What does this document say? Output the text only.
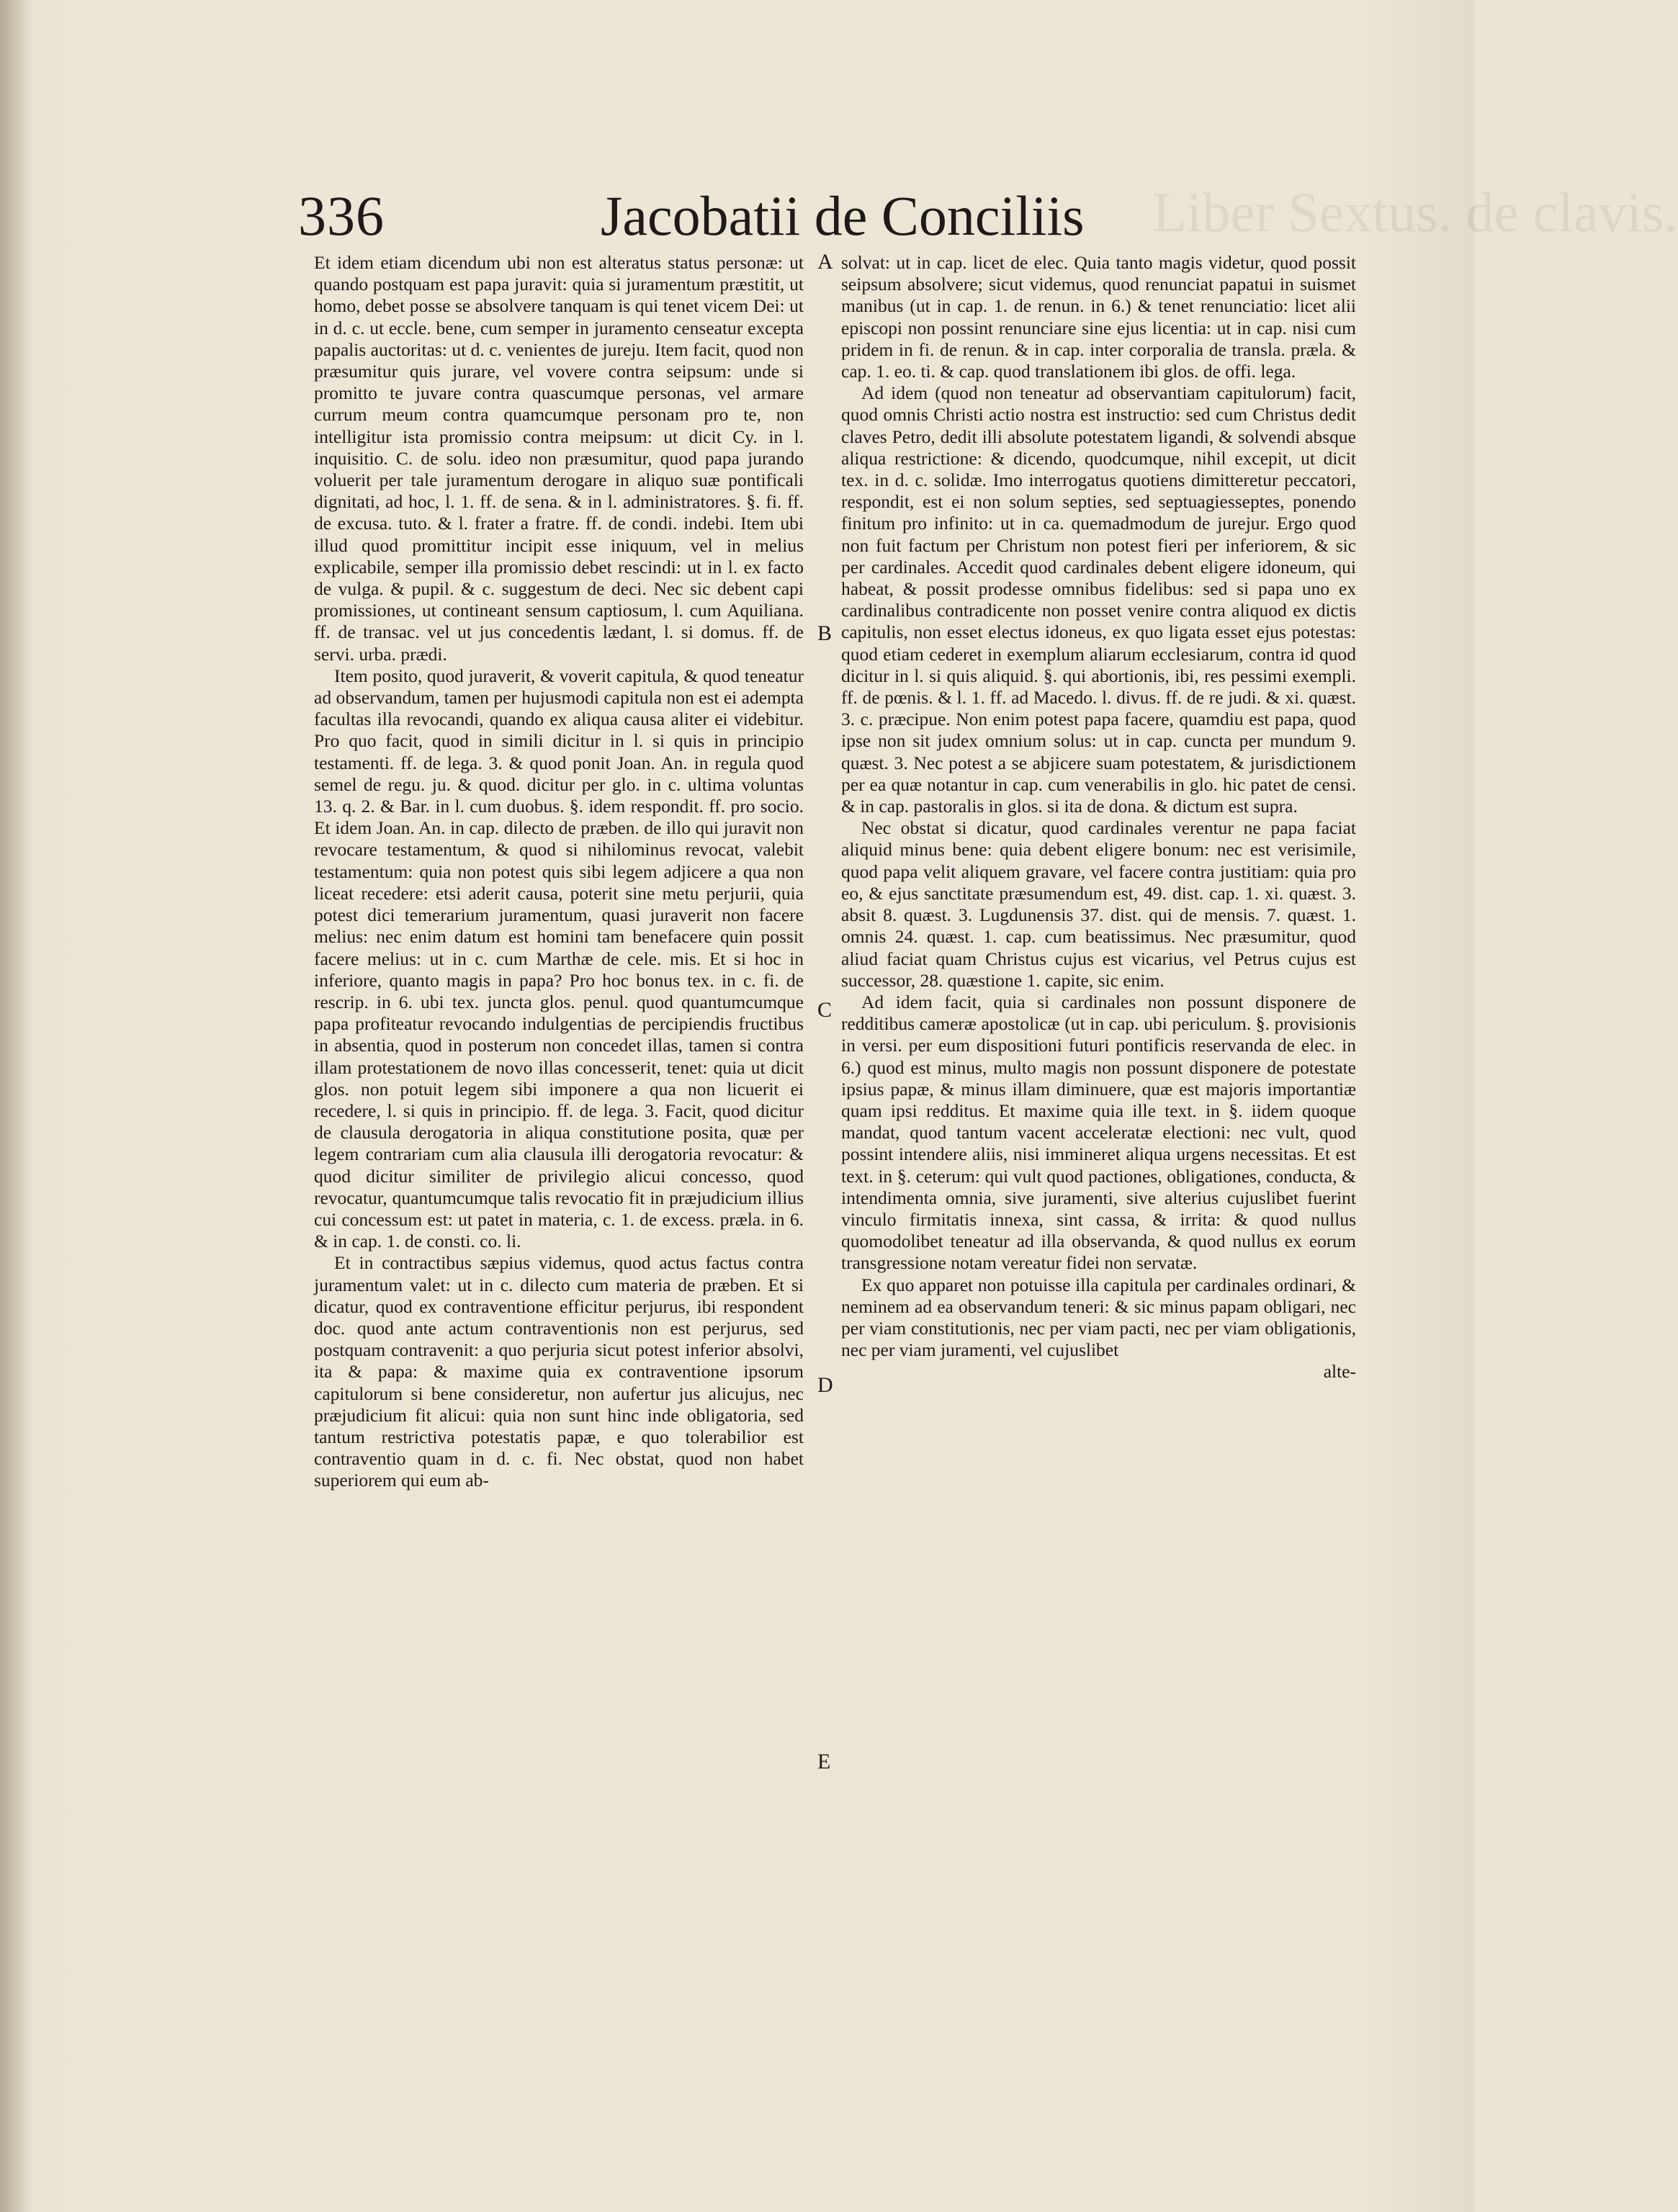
Liber Sextus. de clavis.
336	Jacobatii de Conciliis

Et idem etiam dicendum ubi non est alteratus status personæ: ut quando postquam est papa juravit: quia si juramentum præstitit, ut homo, debet posse se absolvere tanquam is qui tenet vicem Dei: ut in d. c. ut eccle. bene, cum semper in juramento censeatur excepta papalis auctoritas: ut d. c. venientes de jureju. Item facit, quod non præsumitur quis jurare, vel vovere contra seipsum: unde si promitto te juvare contra quascumque personas, vel armare currum meum contra quamcumque personam pro te, non intelligitur ista promissio contra meipsum: ut dicit Cy. in l. inquisitio. C. de solu. ideo non præsumitur, quod papa jurando voluerit per tale juramentum derogare in aliquo suæ pontificali dignitati, ad hoc, l. 1. ff. de sena. & in l. administratores. §. fi. ff. de excusa. tuto. & l. frater a fratre. ff. de condi. indebi. Item ubi illud quod promittitur incipit esse iniquum, vel in melius explicabile, semper illa promissio debet rescindi: ut in l. ex facto de vulga. & pupil. & c. suggestum de deci. Nec sic debent capi promissiones, ut contineant sensum captiosum, l. cum Aquiliana. ff. de transac. vel ut jus concedentis lædant, l. si domus. ff. de servi. urba. prædi.

Item posito, quod juraverit, & voverit capitula, & quod teneatur ad observandum, tamen per hujusmodi capitula non est ei adempta facultas illa revocandi, quando ex aliqua causa aliter ei videbitur. Pro quo facit, quod in simili dicitur in l. si quis in principio testamenti. ff. de lega. 3. & quod ponit Joan. An. in regula quod semel de regu. ju. & quod. dicitur per glo. in c. ultima voluntas 13. q. 2. & Bar. in l. cum duobus. §. idem respondit. ff. pro socio. Et idem Joan. An. in cap. dilecto de præben. de illo qui juravit non revocare testamentum, & quod si nihilominus revocat, valebit testamentum: quia non potest quis sibi legem adjicere a qua non liceat recedere: etsi aderit causa, poterit sine metu perjurii, quia potest dici temerarium juramentum, quasi juraverit non facere melius: nec enim datum est homini tam benefacere quin possit facere melius: ut in c. cum Marthæ de cele. mis. Et si hoc in inferiore, quanto magis in papa? Pro hoc bonus tex. in c. fi. de rescrip. in 6. ubi tex. juncta glos. penul. quod quantumcumque papa profiteatur revocando indulgentias de percipiendis fructibus in absentia, quod in posterum non concedet illas, tamen si contra illam protestationem de novo illas concesserit, tenet: quia ut dicit glos. non potuit legem sibi imponere a qua non licuerit ei recedere, l. si quis in principio. ff. de lega. 3. Facit, quod dicitur de clausula derogatoria in aliqua constitutione posita, quæ per legem contrariam cum alia clausula illi derogatoria revocatur: & quod dicitur similiter de privilegio alicui concesso, quod revocatur, quantumcumque talis revocatio fit in præjudicium illius cui concessum est: ut patet in materia, c. 1. de excess. præla. in 6. & in cap. 1. de consti. co. li.

Et in contractibus sæpius videmus, quod actus factus contra juramentum valet: ut in c. dilecto cum materia de præben. Et si dicatur, quod ex contraventione efficitur perjurus, ibi respondent doc. quod ante actum contraventionis non est perjurus, sed postquam contravenit: a quo perjuria sicut potest inferior absolvi, ita & papa: & maxime quia ex contraventione ipsorum capitulorum si bene consideretur, non aufertur jus alicujus, nec præjudicium fit alicui: quia non sunt hinc inde obligatoria, sed tantum restrictiva potestatis papæ, e quo tolerabilior est contraventio quam in d. c. fi. Nec obstat, quod non habet superiorem qui eum ab-

A
B
C
D
E

solvat: ut in cap. licet de elec. Quia tanto magis videtur, quod possit seipsum absolvere; sicut videmus, quod renunciat papatui in suismet manibus (ut in cap. 1. de renun. in 6.) & tenet renunciatio: licet alii episcopi non possint renunciare sine ejus licentia: ut in cap. nisi cum pridem in fi. de renun. & in cap. inter corporalia de transla. præla. & cap. 1. eo. ti. & cap. quod translationem ibi glos. de offi. lega.

Ad idem (quod non teneatur ad observantiam capitulorum) facit, quod omnis Christi actio nostra est instructio: sed cum Christus dedit claves Petro, dedit illi absolute potestatem ligandi, & solvendi absque aliqua restrictione: & dicendo, quodcumque, nihil excepit, ut dicit tex. in d. c. solidæ. Imo interrogatus quotiens dimitteretur peccatori, respondit, est ei non solum septies, sed septuagiesseptes, ponendo finitum pro infinito: ut in ca. quemadmodum de jurejur. Ergo quod non fuit factum per Christum non potest fieri per inferiorem, & sic per cardinales. Accedit quod cardinales debent eligere idoneum, qui habeat, & possit prodesse omnibus fidelibus: sed si papa uno ex cardinalibus contradicente non posset venire contra aliquod ex dictis capitulis, non esset electus idoneus, ex quo ligata esset ejus potestas: quod etiam cederet in exemplum aliarum ecclesiarum, contra id quod dicitur in l. si quis aliquid. §. qui abortionis, ibi, res pessimi exempli. ff. de pœnis. & l. 1. ff. ad Macedo. l. divus. ff. de re judi. & xi. quæst. 3. c. præcipue. Non enim potest papa facere, quamdiu est papa, quod ipse non sit judex omnium solus: ut in cap. cuncta per mundum 9. quæst. 3. Nec potest a se abjicere suam potestatem, & jurisdictionem per ea quæ notantur in cap. cum venerabilis in glo. hic patet de censi. & in cap. pastoralis in glos. si ita de dona. & dictum est supra.

Nec obstat si dicatur, quod cardinales verentur ne papa faciat aliquid minus bene: quia debent eligere bonum: nec est verisimile, quod papa velit aliquem gravare, vel facere contra justitiam: quia pro eo, & ejus sanctitate præsumendum est, 49. dist. cap. 1. xi. quæst. 3. absit 8. quæst. 3. Lugdunensis 37. dist. qui de mensis. 7. quæst. 1. omnis 24. quæst. 1. cap. cum beatissimus. Nec præsumitur, quod aliud faciat quam Christus cujus est vicarius, vel Petrus cujus est successor, 28. quæstione 1. capite, sic enim.

Ad idem facit, quia si cardinales non possunt disponere de redditibus cameræ apostolicæ (ut in cap. ubi periculum. §. provisionis in versi. per eum dispositioni futuri pontificis reservanda de elec. in 6.) quod est minus, multo magis non possunt disponere de potestate ipsius papæ, & minus illam diminuere, quæ est majoris importantiæ quam ipsi redditus. Et maxime quia ille text. in §. iidem quoque mandat, quod tantum vacent acceleratæ electioni: nec vult, quod possint intendere aliis, nisi immineret aliqua urgens necessitas. Et est text. in §. ceterum: qui vult quod pactiones, obligationes, conducta, & intendimenta omnia, sive juramenti, sive alterius cujuslibet fuerint vinculo firmitatis innexa, sint cassa, & irrita: & quod nullus quomodolibet teneatur ad illa observanda, & quod nullus ex eorum transgressione notam vereatur fidei non servatæ.

Ex quo apparet non potuisse illa capitula per cardinales ordinari, & neminem ad ea observandum teneri: & sic minus papam obligari, nec per viam constitutionis, nec per viam pacti, nec per viam obligationis, nec per viam juramenti, vel cujuslibet

alte-
